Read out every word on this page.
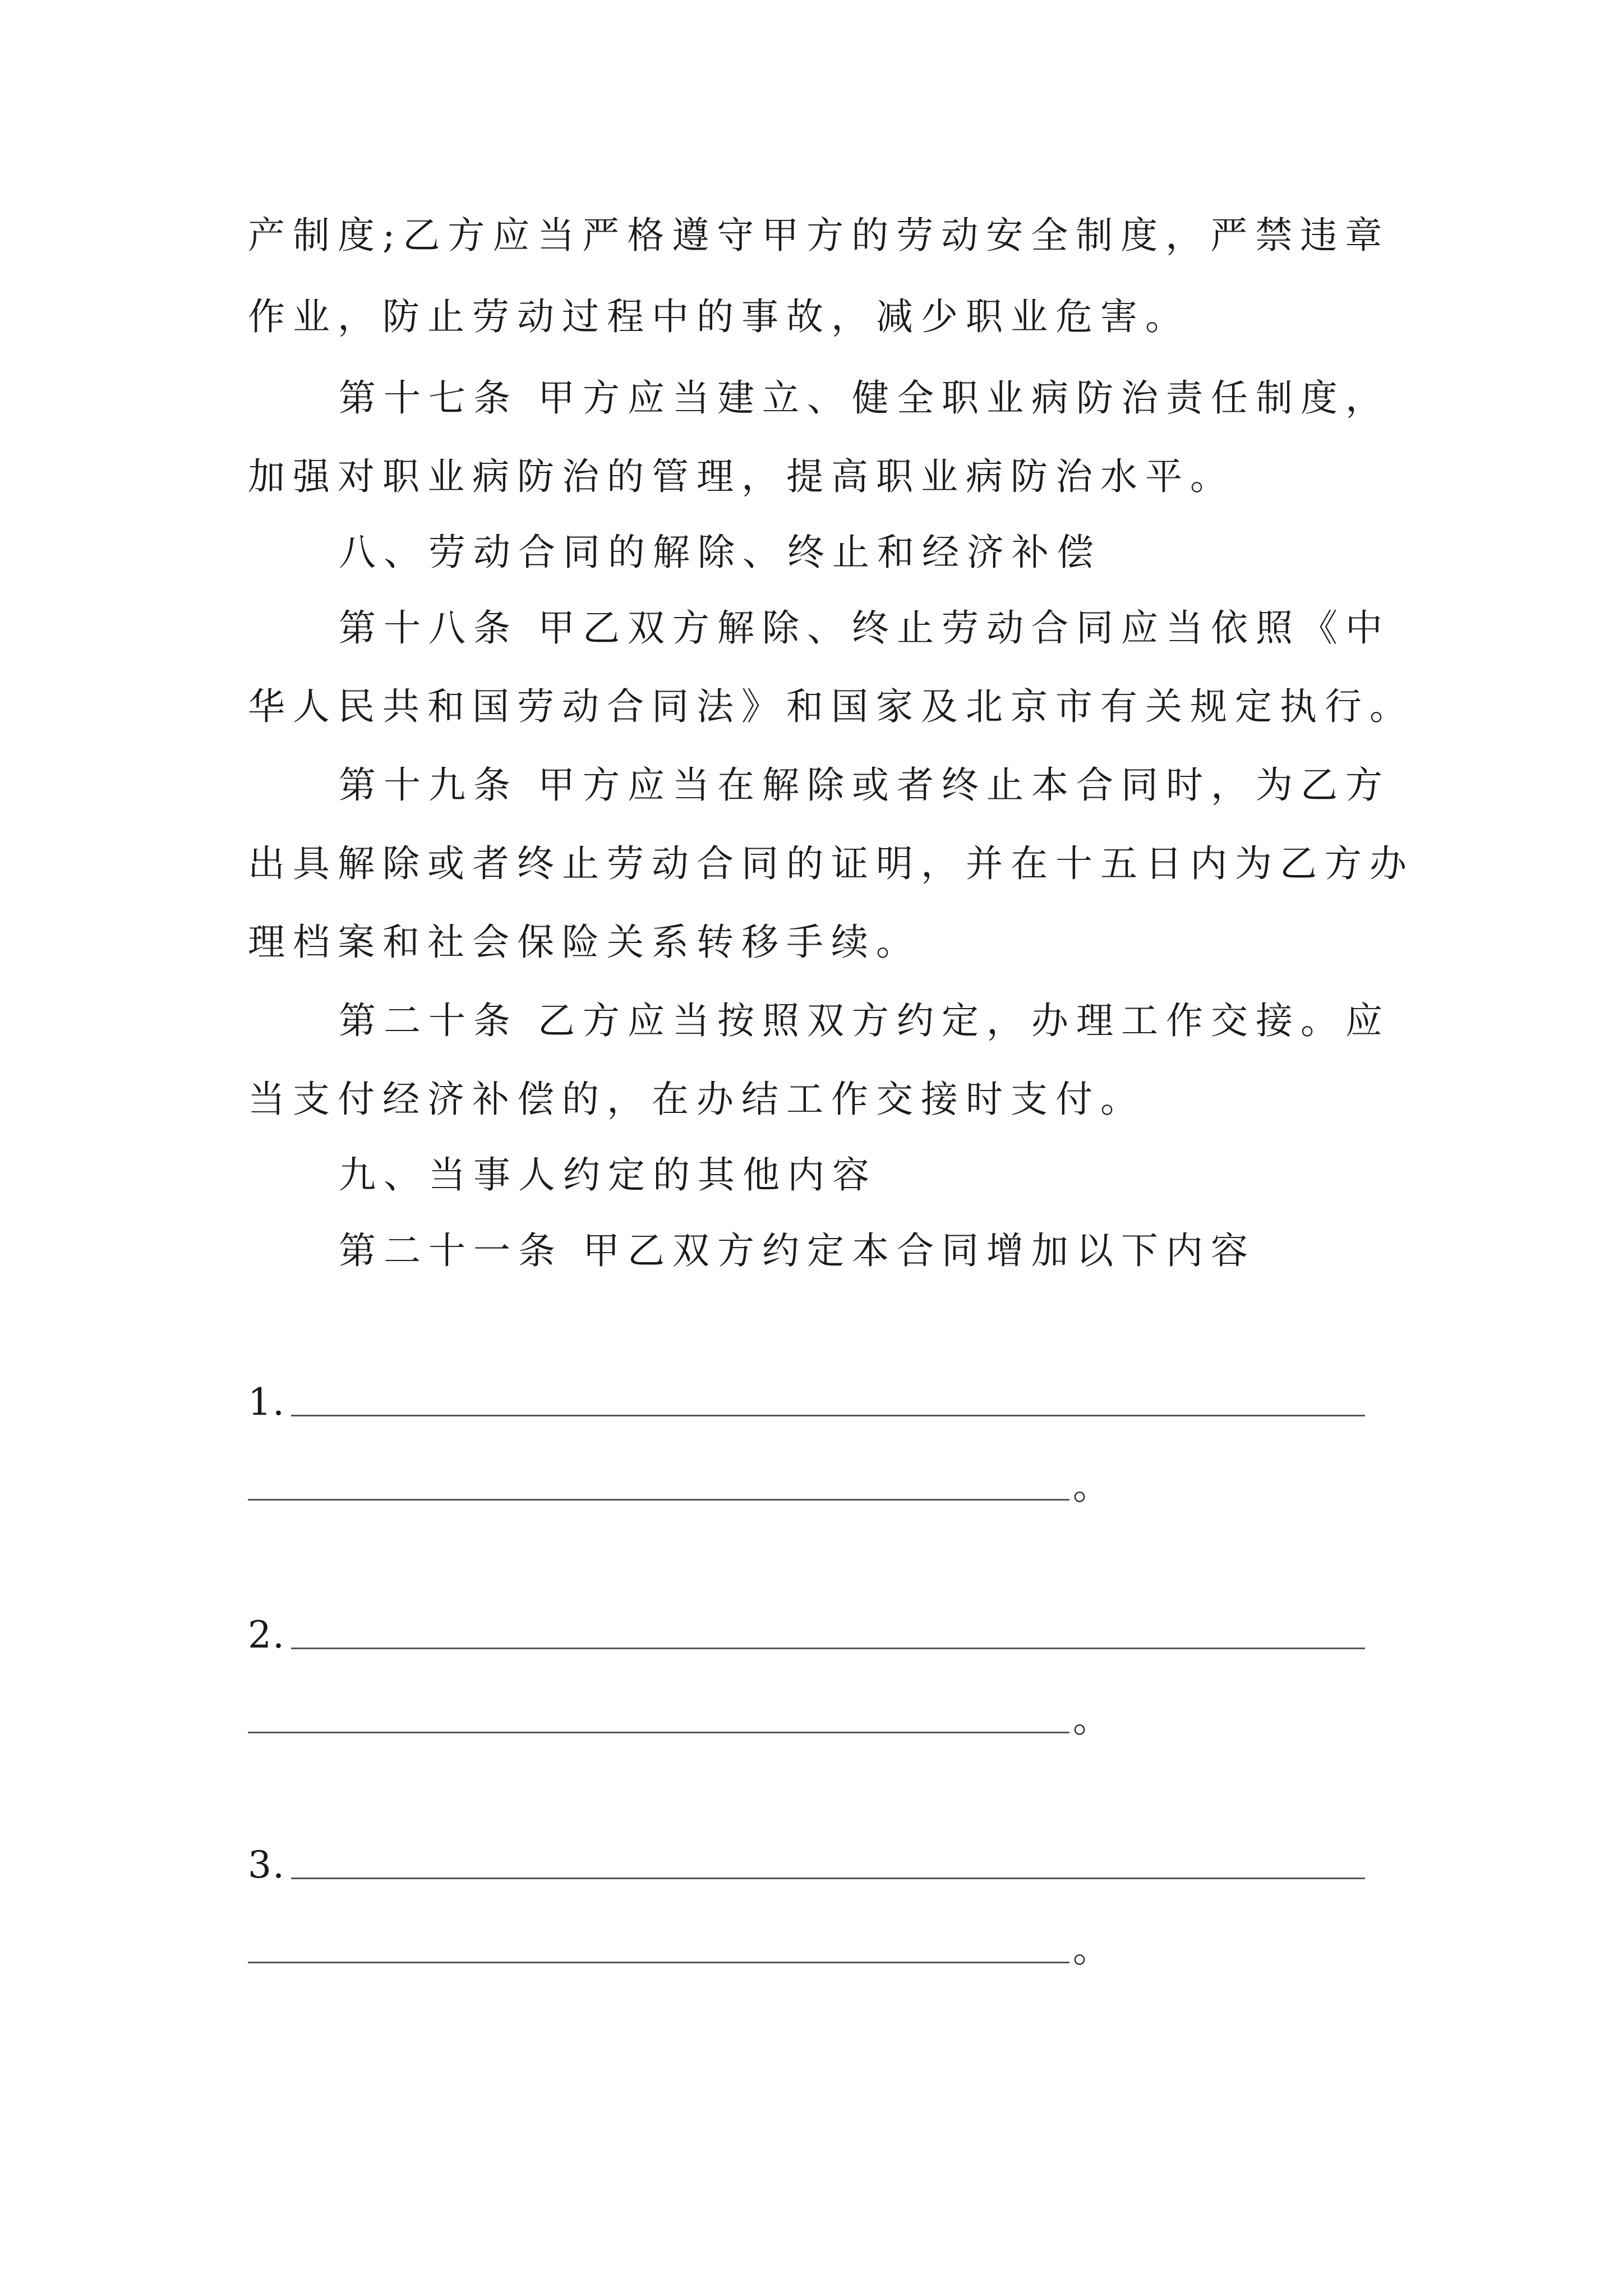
产制度;乙方应当严格遵守甲方的劳动安全制度，严禁违章
作业，防止劳动过程中的事故，减少职业危害。
第十七条 甲方应当建立、健全职业病防治责任制度，
加强对职业病防治的管理，提高职业病防治水平。
八、劳动合同的解除、终止和经济补偿
第十八条 甲乙双方解除、终止劳动合同应当依照《中
华人民共和国劳动合同法》和国家及北京市有关规定执行。
第十九条 甲方应当在解除或者终止本合同时，为乙方
出具解除或者终止劳动合同的证明，并在十五日内为乙方办
理档案和社会保险关系转移手续。
第二十条 乙方应当按照双方约定，办理工作交接。应
当支付经济补偿的，在办结工作交接时支付。
九、当事人约定的其他内容
第二十一条 甲乙双方约定本合同增加以下内容
1.
。
2.
。
3.
。
